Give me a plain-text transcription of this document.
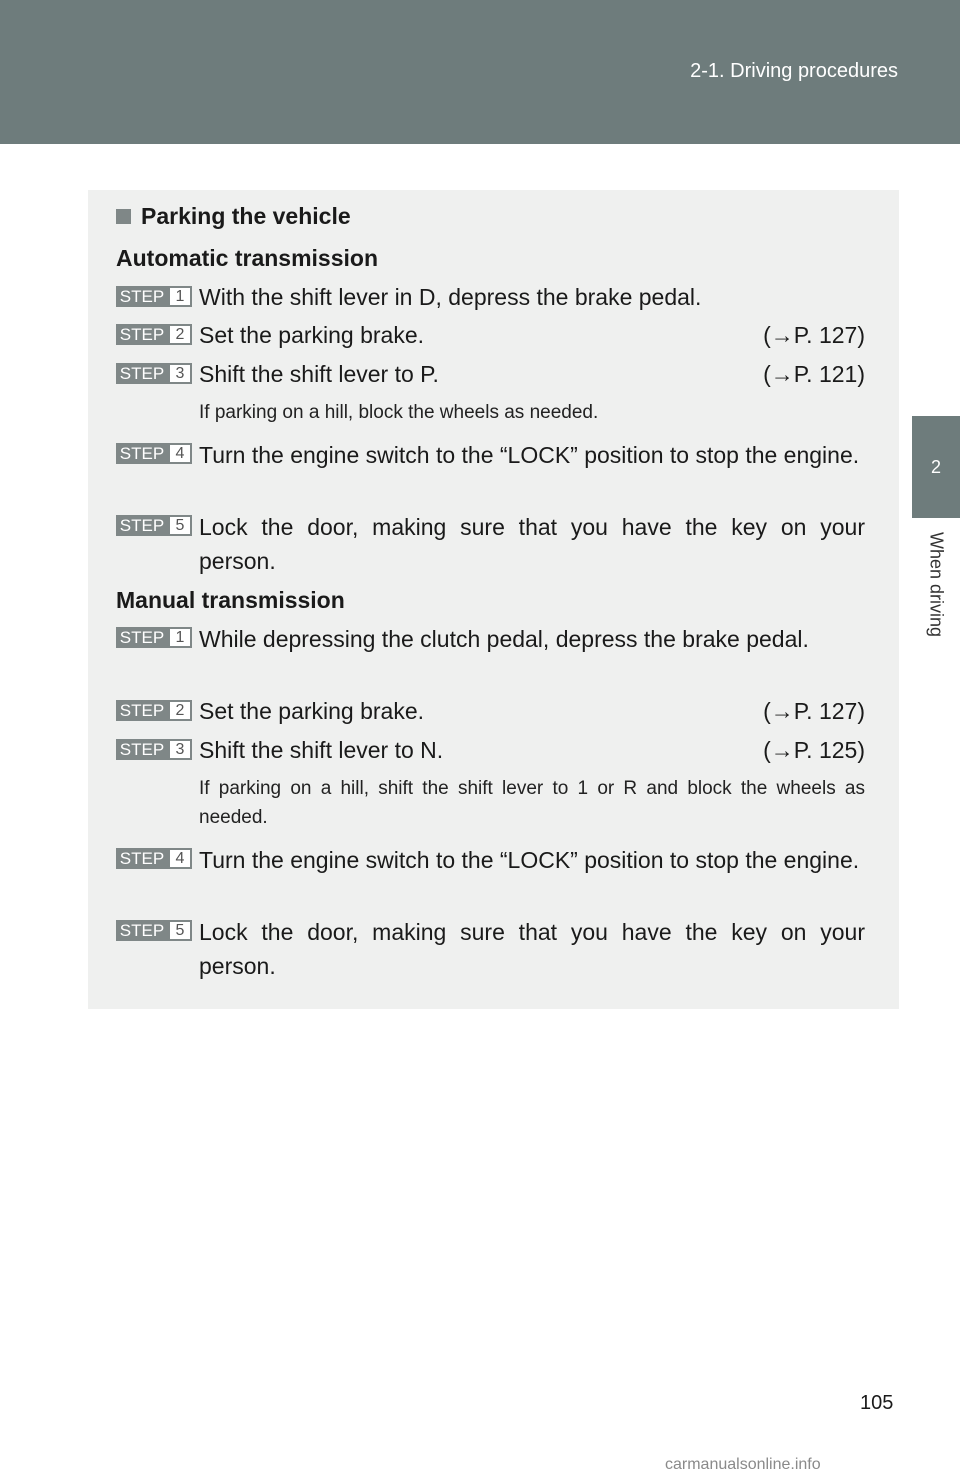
2-1. Driving procedures
2
When driving
Parking the vehicle
Automatic transmission
STEP 1 With the shift lever in D, depress the brake pedal.
STEP 2 Set the parking brake.	(→P. 127)
STEP 3 Shift the shift lever to P.	(→P. 121)
If parking on a hill, block the wheels as needed.
STEP 4 Turn the engine switch to the “LOCK” position to stop the engine.
STEP 5 Lock the door, making sure that you have the key on your person.
Manual transmission
STEP 1 While depressing the clutch pedal, depress the brake pedal.
STEP 2 Set the parking brake.	(→P. 127)
STEP 3 Shift the shift lever to N.	(→P. 125)
If parking on a hill, shift the shift lever to 1 or R and block the wheels as needed.
STEP 4 Turn the engine switch to the “LOCK” position to stop the engine.
STEP 5 Lock the door, making sure that you have the key on your person.
105
carmanualsonline.info
